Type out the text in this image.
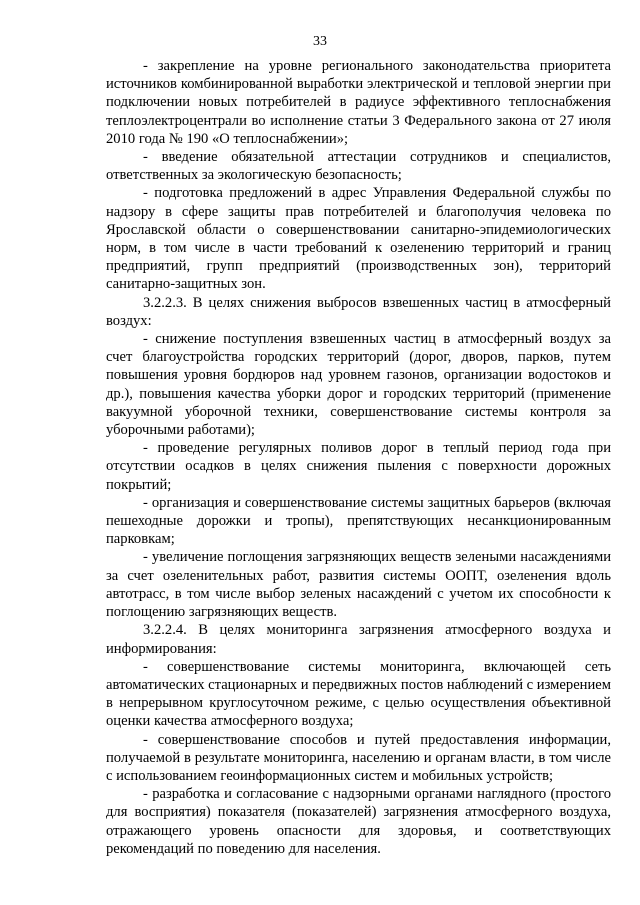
33

- закрепление на уровне регионального законодательства приоритета источников комбинированной выработки электрической и тепловой энергии при подключении новых потребителей в радиусе эффективного теплоснабжения теплоэлектроцентрали во исполнение статьи 3 Федерального закона от 27 июля 2010 года № 190 «О теплоснабжении»;

- введение обязательной аттестации сотрудников и специалистов, ответственных за экологическую безопасность;

- подготовка предложений в адрес Управления Федеральной службы по надзору в сфере защиты прав потребителей и благополучия человека по Ярославской области о совершенствовании санитарно-эпидемиологических норм, в том числе в части требований к озеленению территорий и границ предприятий, групп предприятий (производственных зон), территорий санитарно-защитных зон.

3.2.2.3. В целях снижения выбросов взвешенных частиц в атмосферный воздух:

- снижение поступления взвешенных частиц в атмосферный воздух за счет благоустройства городских территорий (дорог, дворов, парков, путем повышения уровня бордюров над уровнем газонов, организации водостоков и др.), повышения качества уборки дорог и городских территорий (применение вакуумной уборочной техники, совершенствование системы контроля за уборочными работами);

- проведение регулярных поливов дорог в теплый период года при отсутствии осадков в целях снижения пыления с поверхности дорожных покрытий;

- организация и совершенствование системы защитных барьеров (включая пешеходные дорожки и тропы), препятствующих несанкционированным парковкам;

- увеличение поглощения загрязняющих веществ зелеными насаждениями за счет озеленительных работ, развития системы ООПТ, озеленения вдоль автотрасс, в том числе выбор зеленых насаждений с учетом их способности к поглощению загрязняющих веществ.

3.2.2.4. В целях мониторинга загрязнения атмосферного воздуха и информирования:

- совершенствование системы мониторинга, включающей сеть автоматических стационарных и передвижных постов наблюдений с измерением в непрерывном круглосуточном режиме, с целью осуществления объективной оценки качества атмосферного воздуха;

- совершенствование способов и путей предоставления информации, получаемой в результате мониторинга, населению и органам власти, в том числе с использованием геоинформационных систем и мобильных устройств;

- разработка и согласование с надзорными органами наглядного (простого для восприятия) показателя (показателей) загрязнения атмосферного воздуха, отражающего уровень опасности для здоровья, и соответствующих рекомендаций по поведению для населения.
